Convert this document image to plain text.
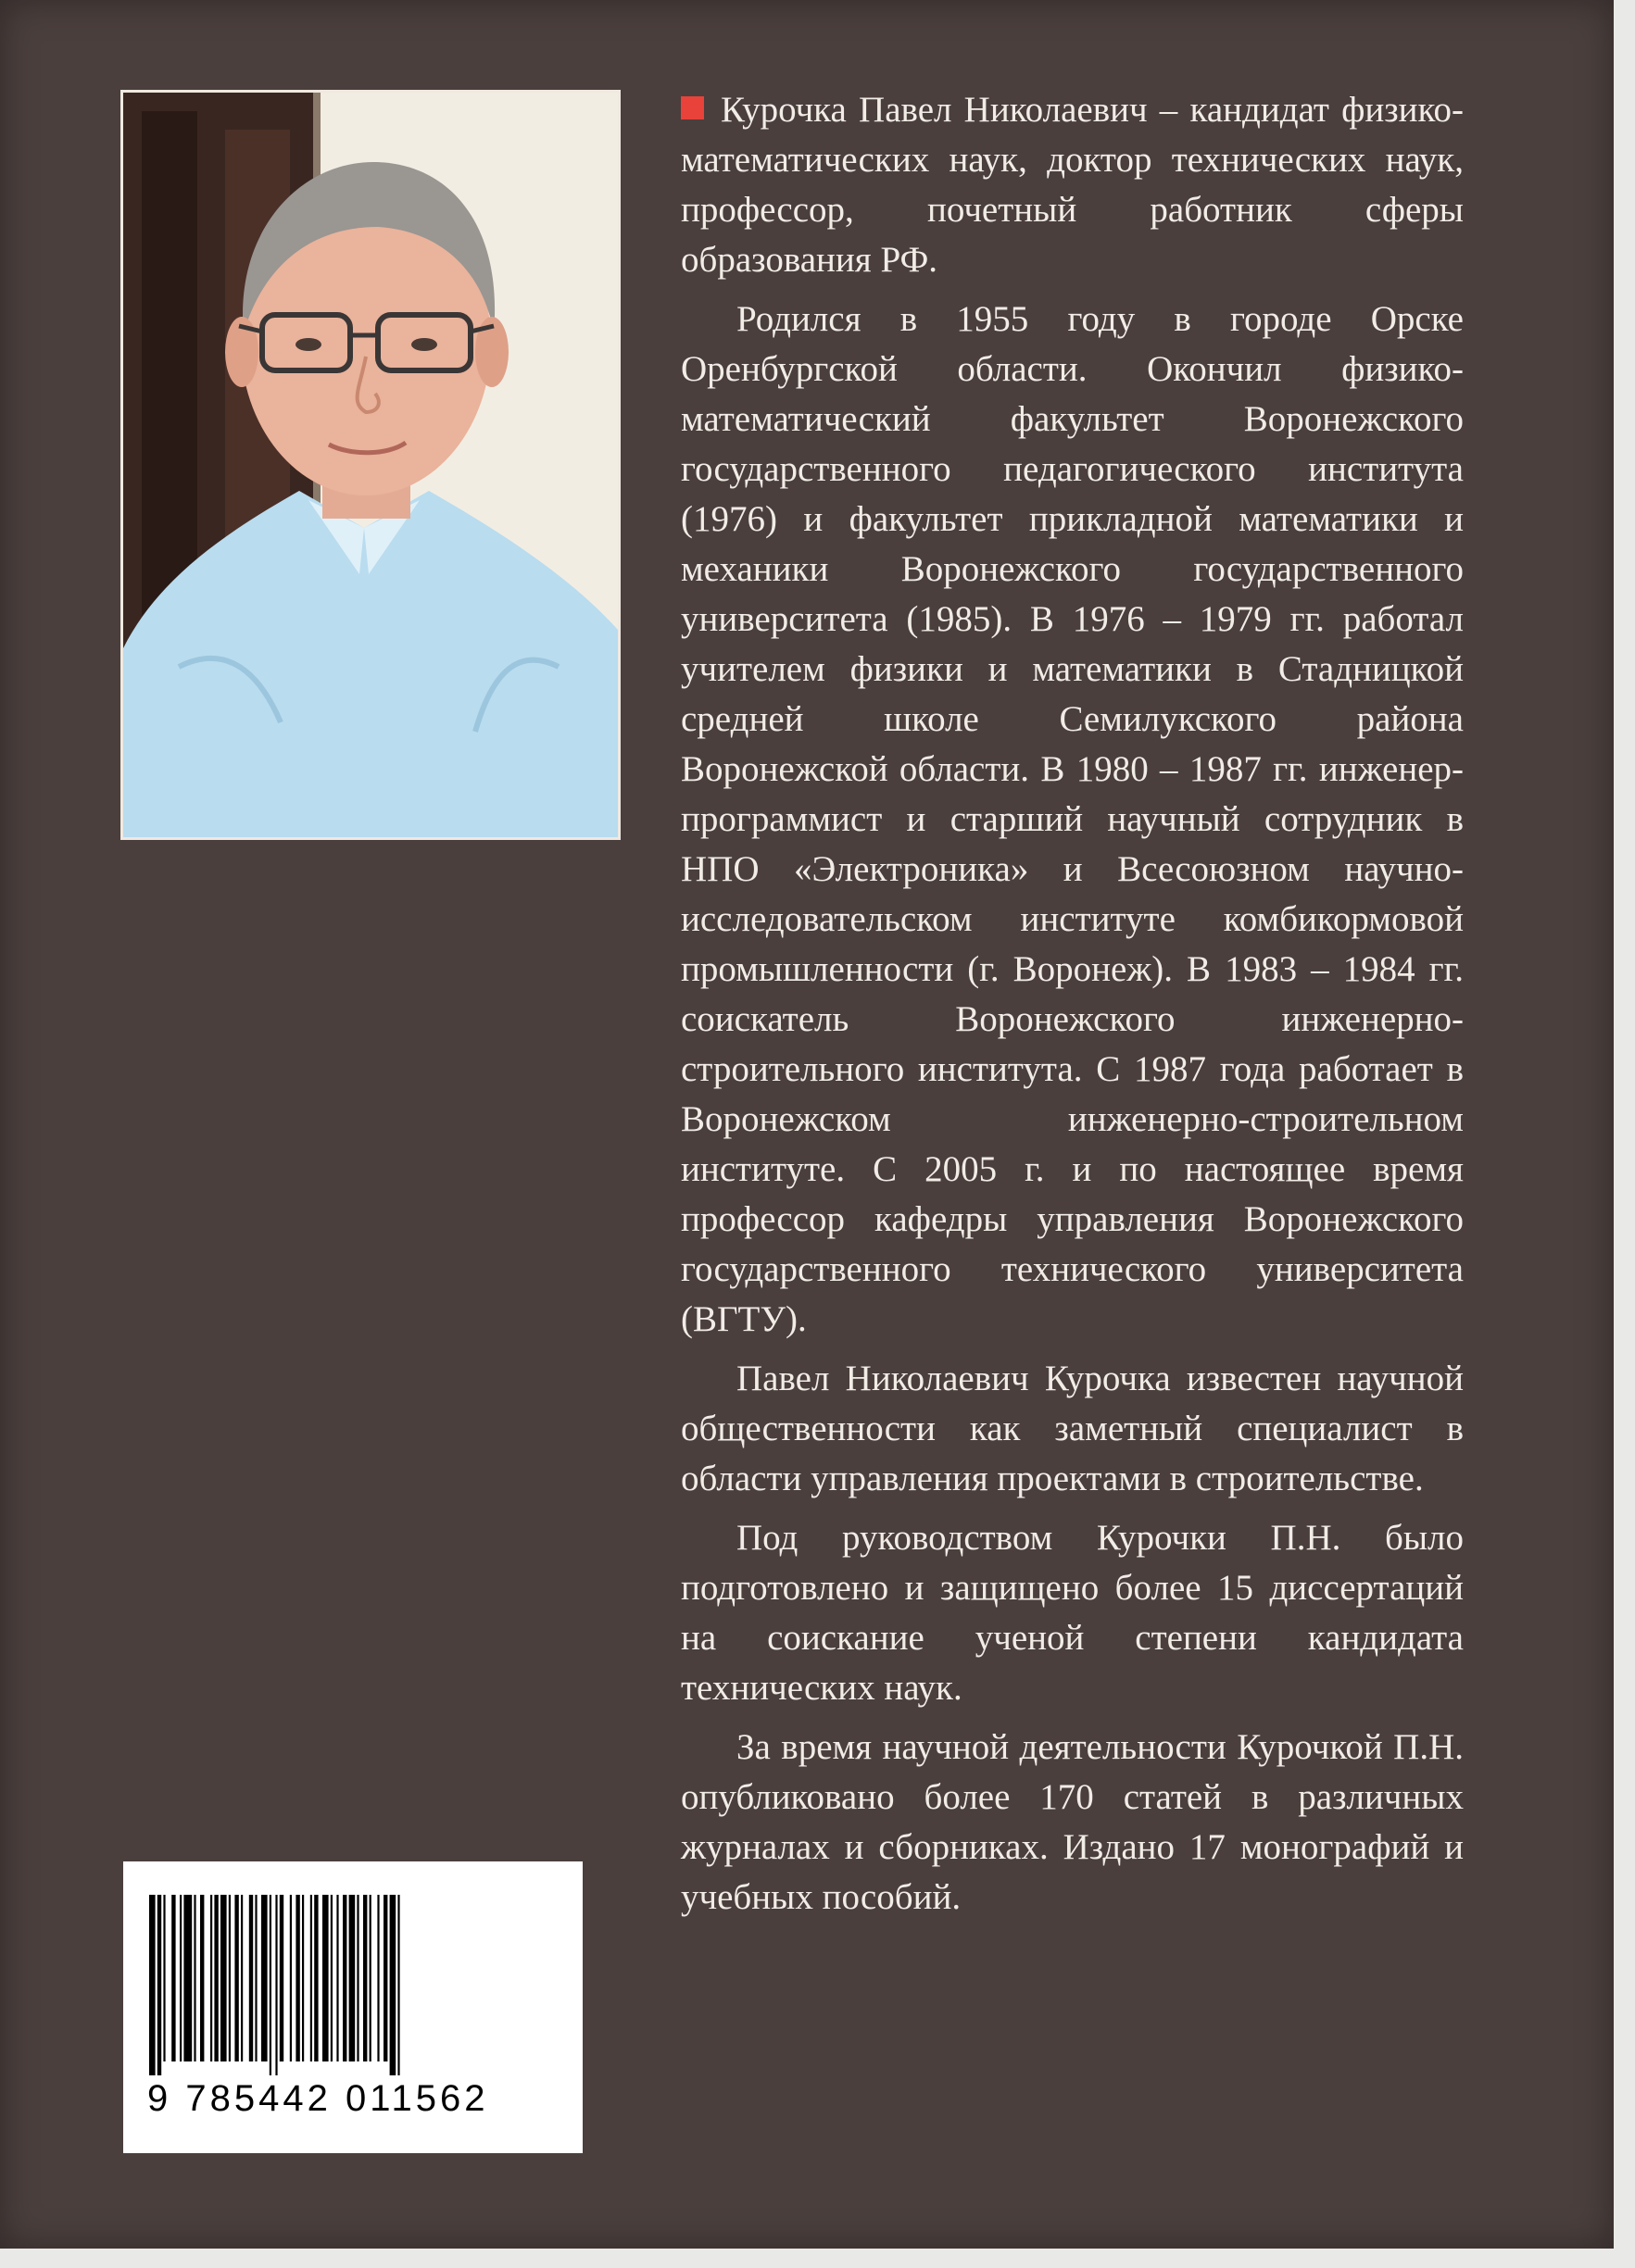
Курочка Павел Николаевич – кандидат физико-математических наук, доктор технических наук, профессор, почетный работник сферы образования РФ.

Родился в 1955 году в городе Орске Оренбургской области. Окончил физико-математический факультет Воронежского государственного педагогического института (1976) и факультет прикладной математики и механики Воронежского государственного университета (1985). В 1976 – 1979 гг. работал учителем физики и математики в Стадницкой средней школе Семилукского района Воронежской области. В 1980 – 1987 гг. инженер-программист и старший научный сотрудник в НПО «Электроника» и Всесоюзном научно-исследовательском институте комбикормовой промышленности (г. Воронеж). В 1983 – 1984 гг. соискатель Воронежского инженерно-строительного института. С 1987 года работает в Воронежском инженерно-строительном институте. С 2005 г. и по настоящее время профессор кафедры управления Воронежского государственного технического университета (ВГТУ).

Павел Николаевич Курочка известен научной общественности как заметный специалист в области управления проектами в строительстве.

Под руководством Курочки П.Н. было подготовлено и защищено более 15 диссертаций на соискание ученой степени кандидата технических наук.

За время научной деятельности Курочкой П.Н. опубликовано более 170 статей в различных журналах и сборниках. Издано 17 монографий и учебных пособий.

9 785442 011562
